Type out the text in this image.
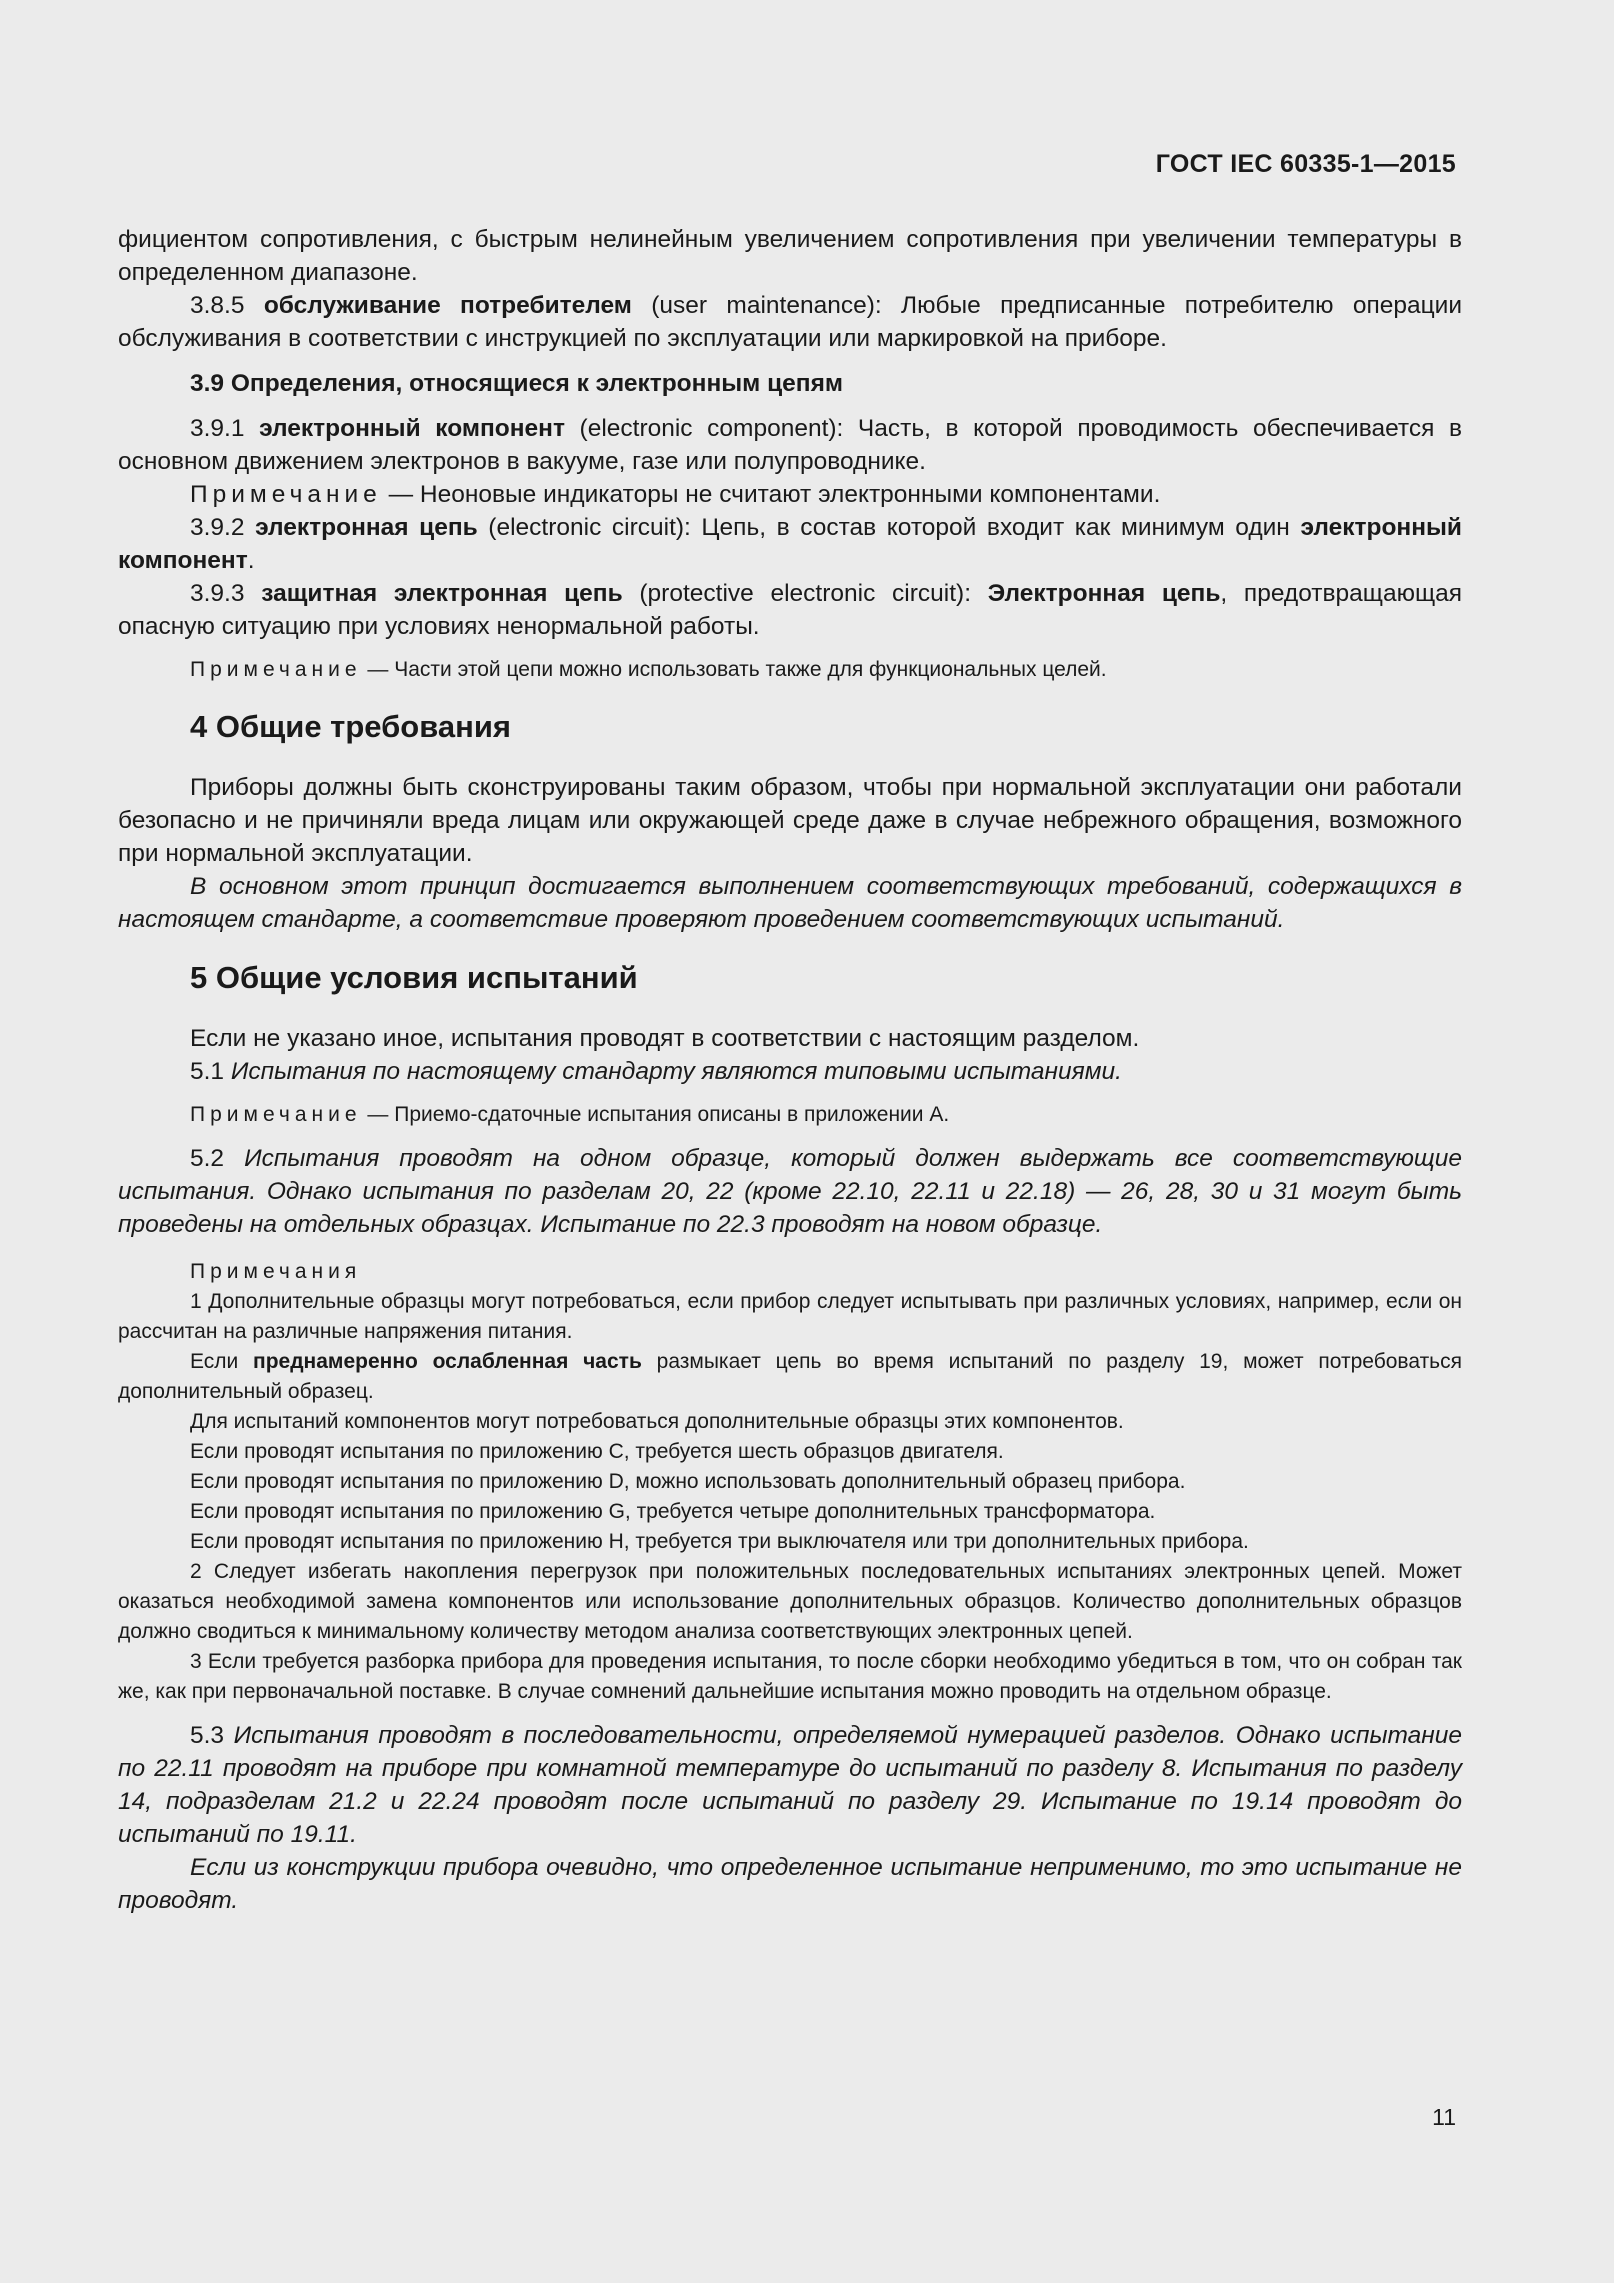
ГОСТ IEC 60335-1—2015

фициентом сопротивления, с быстрым нелинейным увеличением сопротивления при увеличении температуры в определенном диапазоне.

3.8.5 обслуживание потребителем (user maintenance): Любые предписанные потребителю операции обслуживания в соответствии с инструкцией по эксплуатации или маркировкой на приборе.

3.9 Определения, относящиеся к электронным цепям

3.9.1 электронный компонент (electronic component): Часть, в которой проводимость обеспечивается в основном движением электронов в вакууме, газе или полупроводнике.

Примечание — Неоновые индикаторы не считают электронными компонентами.

3.9.2 электронная цепь (electronic circuit): Цепь, в состав которой входит как минимум один электронный компонент.

3.9.3 защитная электронная цепь (protective electronic circuit): Электронная цепь, предотвращающая опасную ситуацию при условиях ненормальной работы.

Примечание — Части этой цепи можно использовать также для функциональных целей.

4 Общие требования

Приборы должны быть сконструированы таким образом, чтобы при нормальной эксплуатации они работали безопасно и не причиняли вреда лицам или окружающей среде даже в случае небрежного обращения, возможного при нормальной эксплуатации.

В основном этот принцип достигается выполнением соответствующих требований, содержащихся в настоящем стандарте, а соответствие проверяют проведением соответствующих испытаний.

5 Общие условия испытаний

Если не указано иное, испытания проводят в соответствии с настоящим разделом.

5.1 Испытания по настоящему стандарту являются типовыми испытаниями.

Примечание — Приемо-сдаточные испытания описаны в приложении А.

5.2 Испытания проводят на одном образце, который должен выдержать все соответствующие испытания. Однако испытания по разделам 20, 22 (кроме 22.10, 22.11 и 22.18) — 26, 28, 30 и 31 могут быть проведены на отдельных образцах. Испытание по 22.3 проводят на новом образце.

Примечания

1 Дополнительные образцы могут потребоваться, если прибор следует испытывать при различных условиях, например, если он рассчитан на различные напряжения питания.

Если преднамеренно ослабленная часть размыкает цепь во время испытаний по разделу 19, может потребоваться дополнительный образец.

Для испытаний компонентов могут потребоваться дополнительные образцы этих компонентов.

Если проводят испытания по приложению C, требуется шесть образцов двигателя.

Если проводят испытания по приложению D, можно использовать дополнительный образец прибора.

Если проводят испытания по приложению G, требуется четыре дополнительных трансформатора.

Если проводят испытания по приложению H, требуется три выключателя или три дополнительных прибора.

2 Следует избегать накопления перегрузок при положительных последовательных испытаниях электронных цепей. Может оказаться необходимой замена компонентов или использование дополнительных образцов. Количество дополнительных образцов должно сводиться к минимальному количеству методом анализа соответствующих электронных цепей.

3 Если требуется разборка прибора для проведения испытания, то после сборки необходимо убедиться в том, что он собран так же, как при первоначальной поставке. В случае сомнений дальнейшие испытания можно проводить на отдельном образце.

5.3 Испытания проводят в последовательности, определяемой нумерацией разделов. Однако испытание по 22.11 проводят на приборе при комнатной температуре до испытаний по разделу 8. Испытания по разделу 14, подразделам 21.2 и 22.24 проводят после испытаний по разделу 29. Испытание по 19.14 проводят до испытаний по 19.11.

Если из конструкции прибора очевидно, что определенное испытание неприменимо, то это испытание не проводят.

11
